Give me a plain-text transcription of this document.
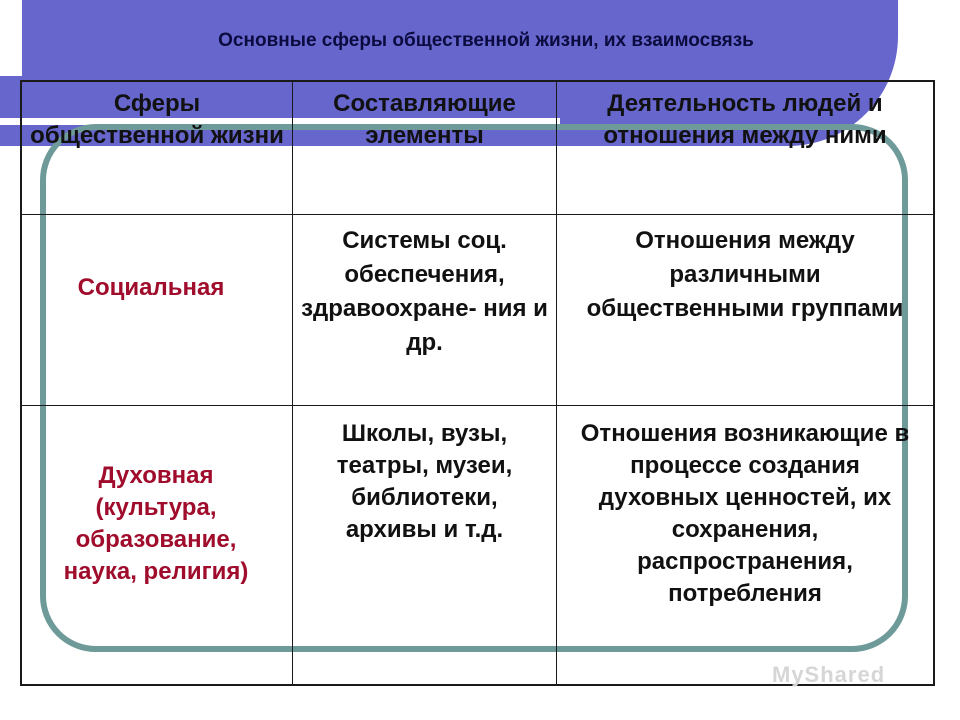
Основные сферы общественной жизни, их взаимосвязь
Сферы общественной жизни
Составляющие элементы
Деятельность людей и отношения между ними
Социальная
Системы соц. обеспечения, здравоохране- ния и др.
Отношения между различными общественными группами
Духовная (культура, образование, наука, религия)
Школы, вузы, театры, музеи, библиотеки, архивы и т.д.
Отношения возникающие в процессе создания духовных ценностей, их сохранения, распространения, потребления
MyShared
